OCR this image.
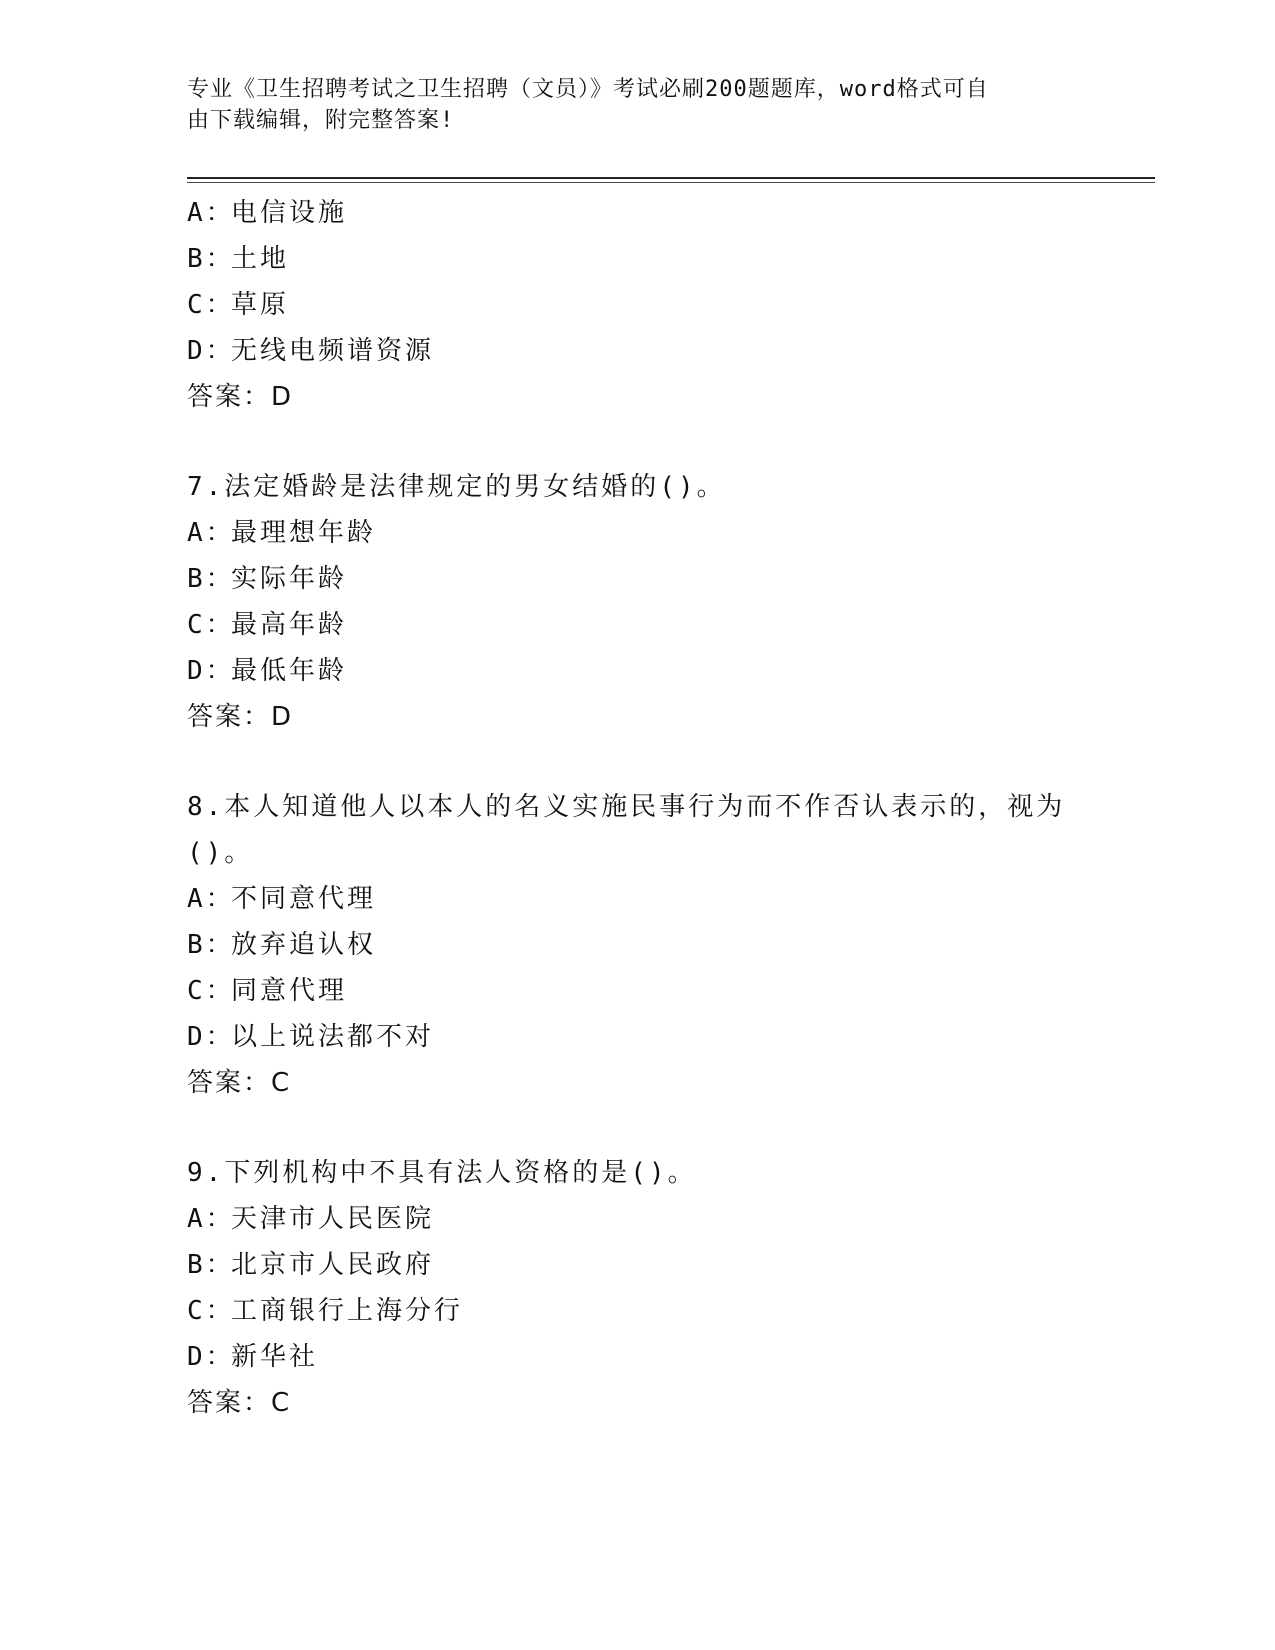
专业《卫生招聘考试之卫生招聘（文员）》考试必刷200题题库，word格式可自
由下载编辑，附完整答案!
A：电信设施
B：土地
C：草原
D：无线电频谱资源
答案：D
7.法定婚龄是法律规定的男女结婚的()。
A：最理想年龄
B：实际年龄
C：最高年龄
D：最低年龄
答案：D
8.本人知道他人以本人的名义实施民事行为而不作否认表示的，视为
()。
A：不同意代理
B：放弃追认权
C：同意代理
D：以上说法都不对
答案：C
9.下列机构中不具有法人资格的是()。
A：天津市人民医院
B：北京市人民政府
C：工商银行上海分行
D：新华社
答案：C
